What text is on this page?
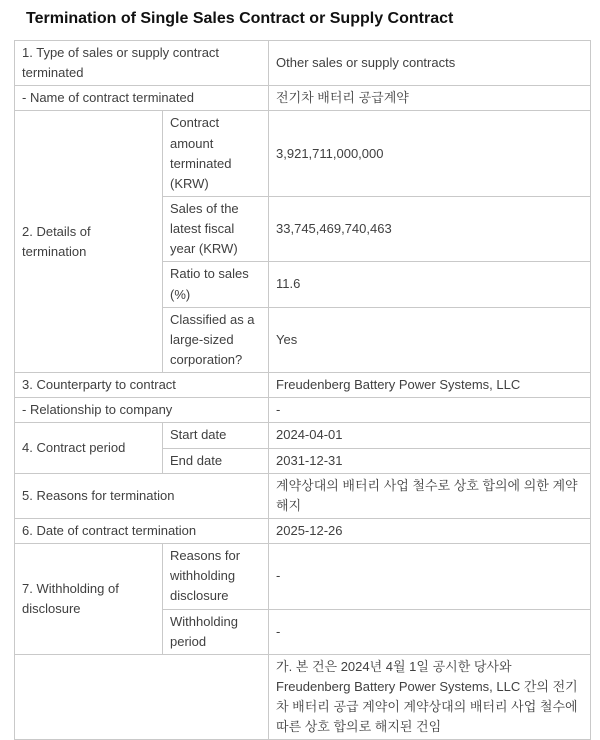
Termination of Single Sales Contract or Supply Contract
1. Type of sales or supply contract terminated		Other sales or supply contracts
- Name of contract terminated		전기차 배터리 공급계약
2. Details of termination	Contract amount terminated (KRW)	3,921,711,000,000
	Sales of the latest fiscal year (KRW)	33,745,469,740,463
	Ratio to sales (%)	11.6
	Classified as a large-sized corporation?	Yes
3. Counterparty to contract		Freudenberg Battery Power Systems, LLC
- Relationship to company		-
4. Contract period	Start date	2024-04-01
	End date	2031-12-31
5. Reasons for termination		계약상대의 배터리 사업 철수로 상호 합의에 의한 계약 해지
6. Date of contract termination		2025-12-26
7. Withholding of disclosure	Reasons for withholding disclosure	-
	Withholding period	-
		가. 본 건은 2024년 4월 1일 공시한 당사와 Freudenberg Battery Power Systems, LLC 간의 전기차 배터리 공급 계약이 계약상대의 배터리 사업 철수에 따른 상호 합의로 해지된 건임
